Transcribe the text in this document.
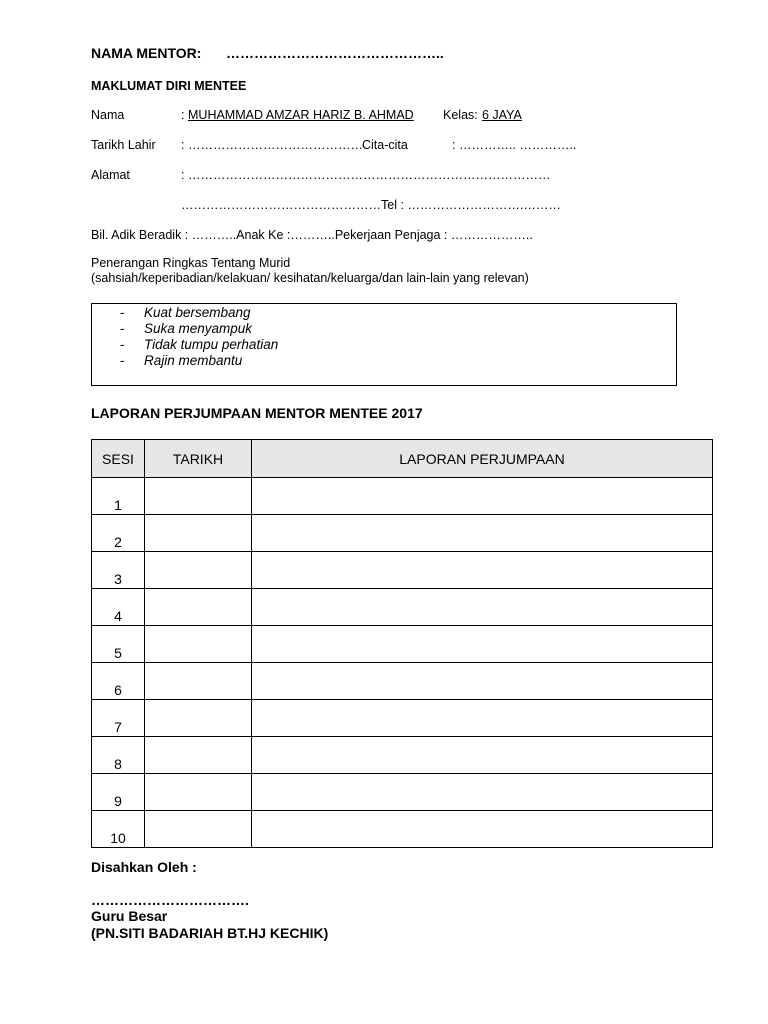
NAMA MENTOR: ………………………………………..
MAKLUMAT DIRI MENTEE
Nama	: MUHAMMAD AMZAR HARIZ B. AHMAD Kelas: 6 JAYA
Tarikh Lahir : …………………………………… Cita-cita	: ………….. …………..
Alamat	: ……………………………………………………………………………
…………………………………………Tel : ……………………….………
Bil. Adik Beradik : ………..Anak Ke :………..Pekerjaan Penjaga : ………………..
Penerangan Ringkas Tentang Murid
(sahsiah/keperibadian/kelakuan/ kesihatan/keluarga/dan lain-lain yang relevan)
- Kuat bersembang
- Suka menyampuk
- Tidak tumpu perhatian
- Rajin membantu
LAPORAN PERJUMPAAN MENTOR MENTEE 2017
SESI	TARIKH	LAPORAN PERJUMPAAN
1		
2		
3		
4		
5		
6		
7		
8		
9		
10		
Disahkan Oleh :
…………………………….
Guru Besar
(PN.SITI BADARIAH BT.HJ KECHIK)
